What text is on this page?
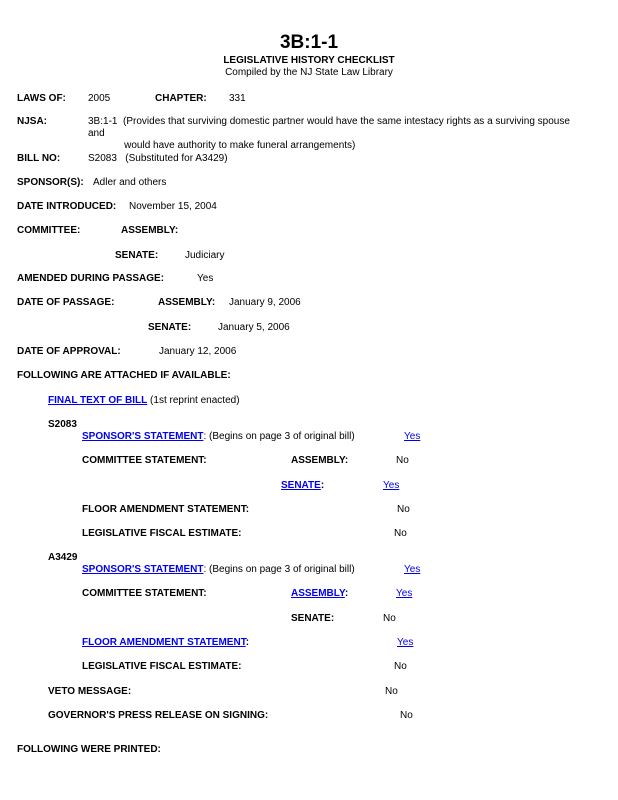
3B:1-1
LEGISLATIVE HISTORY CHECKLIST
Compiled by the NJ State Law Library
LAWS OF: 2005	CHAPTER: 331
NJSA:	3B:1-1 (Provides that surviving domestic partner would have the same intestacy rights as a surviving spouse and
would have authority to make funeral arrangements)
BILL NO:	S2083 (Substituted for A3429)
SPONSOR(S): Adler and others
DATE INTRODUCED: November 15, 2004
COMMITTEE:	ASSEMBLY:
SENATE:	Judiciary
AMENDED DURING PASSAGE:	Yes
DATE OF PASSAGE:	ASSEMBLY: January 9, 2006
SENATE:	January 5, 2006
DATE OF APPROVAL:	January 12, 2006
FOLLOWING ARE ATTACHED IF AVAILABLE:
FINAL TEXT OF BILL (1st reprint enacted)
S2083
SPONSOR'S STATEMENT: (Begins on page 3 of original bill)	Yes
COMMITTEE STATEMENT:	ASSEMBLY:	No
SENATE:	Yes
FLOOR AMENDMENT STATEMENT:	No
LEGISLATIVE FISCAL ESTIMATE:	No
A3429
SPONSOR'S STATEMENT: (Begins on page 3 of original bill)	Yes
COMMITTEE STATEMENT:	ASSEMBLY:	Yes
SENATE:	No
FLOOR AMENDMENT STATEMENT:	Yes
LEGISLATIVE FISCAL ESTIMATE:	No
VETO MESSAGE:	No
GOVERNOR'S PRESS RELEASE ON SIGNING:	No
FOLLOWING WERE PRINTED:
